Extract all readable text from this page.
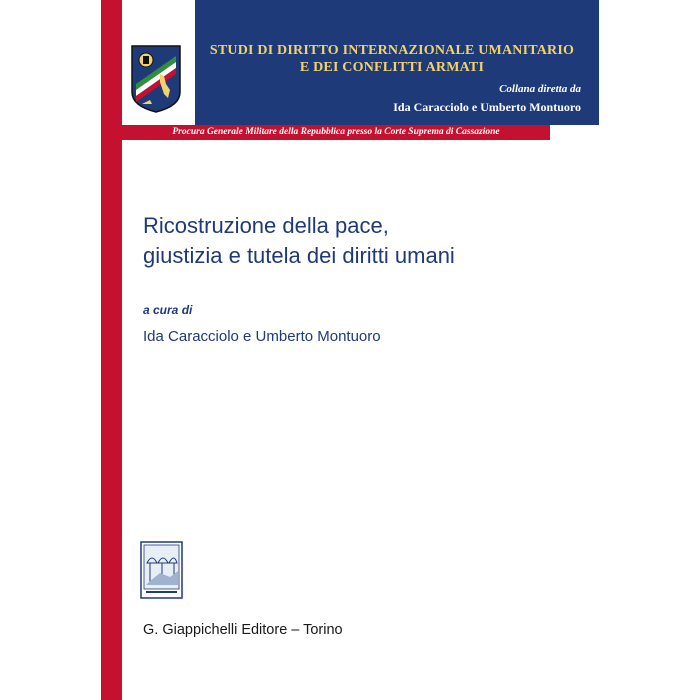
STUDI DI DIRITTO INTERNAZIONALE UMANITARIO
E DEI CONFLITTI ARMATI
Collana diretta da
Ida Caracciolo e Umberto Montuoro
Procura Generale Militare della Repubblica presso la Corte Suprema di Cassazione
Ricostruzione della pace,
giustizia e tutela dei diritti umani
a cura di
Ida Caracciolo e Umberto Montuoro
G. Giappichelli Editore – Torino
